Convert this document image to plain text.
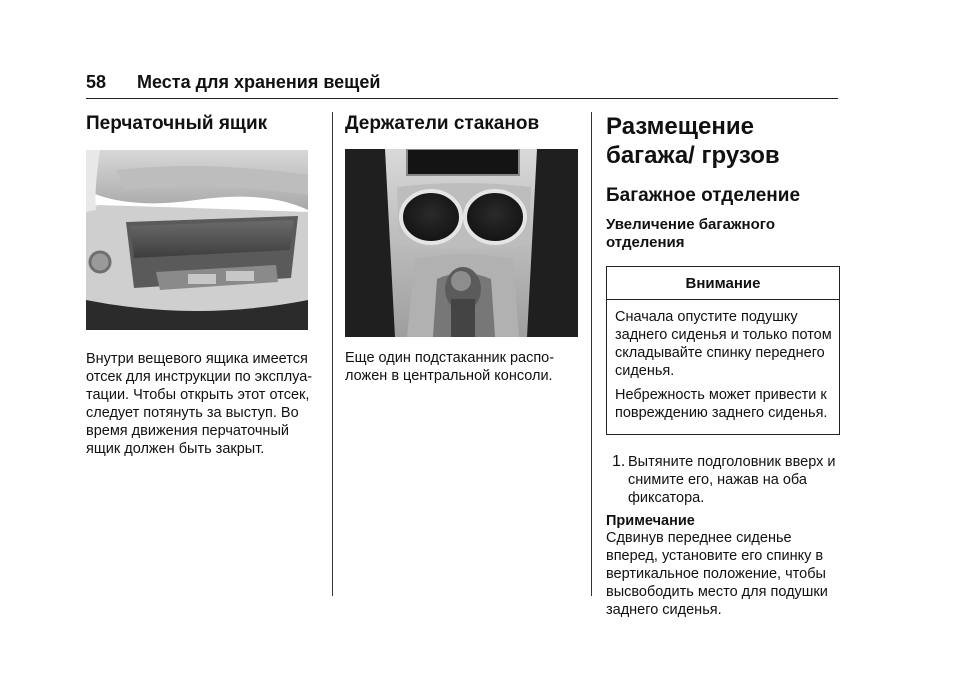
58 Места для хранения вещей
Перчаточный ящик

Внутри вещевого ящика имеется отсек для инструкции по эксплуа-тации. Чтобы открыть этот отсек, следует потянуть за выступ. Во время движения перчаточный ящик должен быть закрыт.

Держатели стаканов

Еще один подстаканник распо-ложен в центральной консоли.

Размещение багажа/ грузов
Багажное отделение
Увеличение багажного отделения
Внимание

Сначала опустите подушку заднего сиденья и только потом складывайте спинку переднего сиденья.

Небрежность может привести к повреждению заднего сиденья.

1. Вытяните подголовник вверх и снимите его, нажав на оба фиксатора.

Примечание

Сдвинув переднее сиденье вперед, установите его спинку в вертикальное положение, чтобы высвободить место для подушки заднего сиденья.
